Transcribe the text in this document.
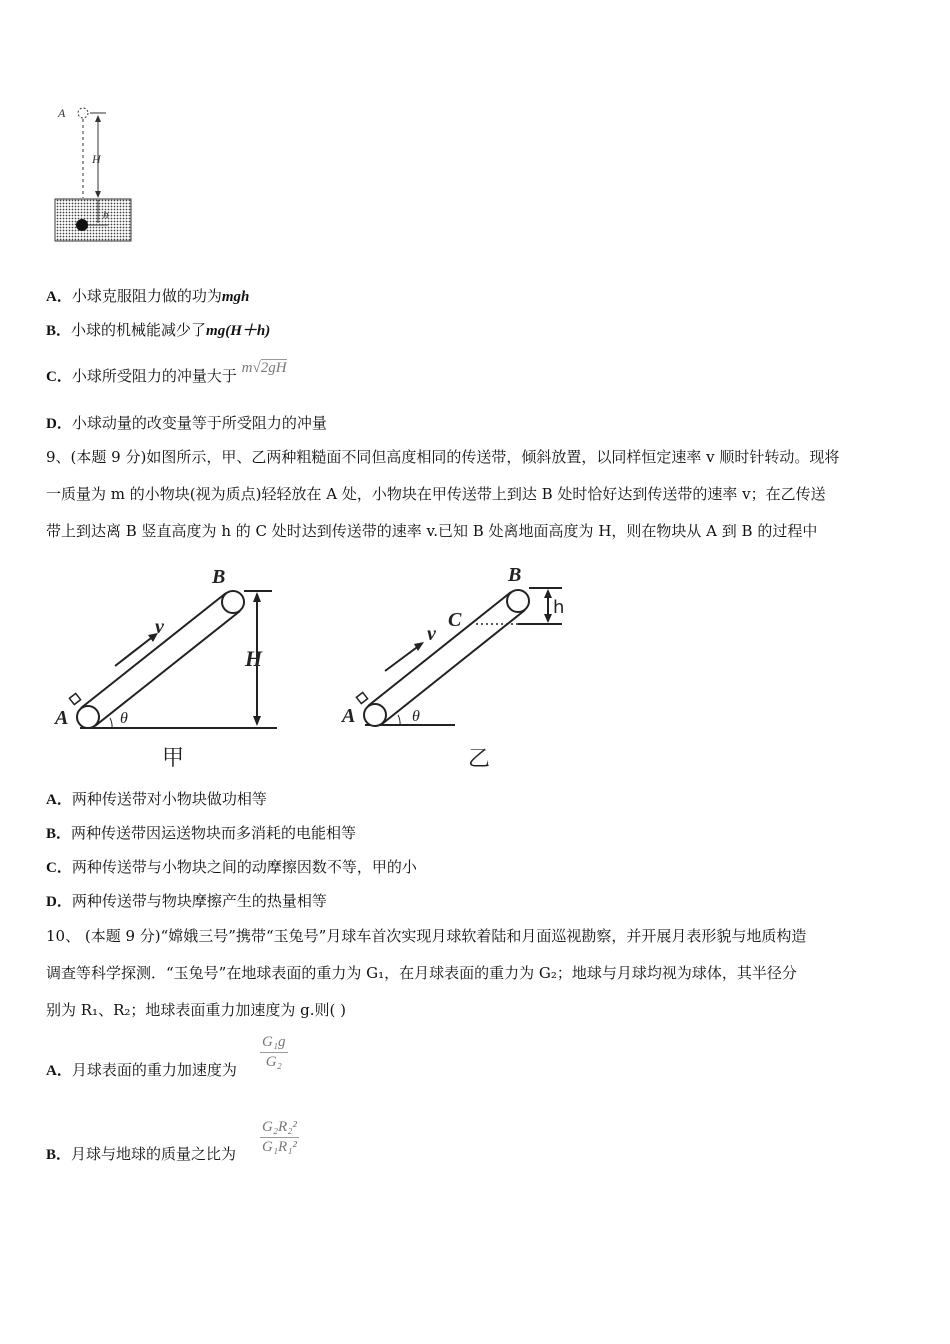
A
H
h
A．小球克服阻力做的功为mgh
B．小球的机械能减少了mg(H＋h)
C．小球所受阻力的冲量大于 m√2gH
D．小球动量的改变量等于所受阻力的冲量
9、(本题 9 分)如图所示，甲、乙两种粗糙面不同但高度相同的传送带，倾斜放置，以同样恒定速率 v 顺时针转动。现将
一质量为 m 的小物块(视为质点)轻轻放在 A 处，小物块在甲传送带上到达 B 处时恰好达到传送带的速率 v；在乙传送
带上到达离 B 竖直高度为 h 的 C 处时达到传送带的速率 v.已知 B 处离地面高度为 H，则在物块从 A 到 B 的过程中
B
A
v
H
θ
甲
B
A
C
v
h
θ
乙
A．两种传送带对小物块做功相等
B．两种传送带因运送物块而多消耗的电能相等
C．两种传送带与小物块之间的动摩擦因数不等，甲的小
D．两种传送带与物块摩擦产生的热量相等
10、 (本题 9 分)“嫦娥三号”携带“玉兔号”月球车首次实现月球软着陆和月面巡视勘察，并开展月表形貌与地质构造
调查等科学探测．“玉兔号”在地球表面的重力为 G₁，在月球表面的重力为 G₂；地球与月球均视为球体，其半径分
别为 R₁、R₂；地球表面重力加速度为 g.则( )
A．月球表面的重力加速度为 $\frac{\text{G₁g}}{\text{G₂}}$
B．月球与地球的质量之比为 $\frac{\text{G₂R₂²}}{\text{G₁R₁²}}$
